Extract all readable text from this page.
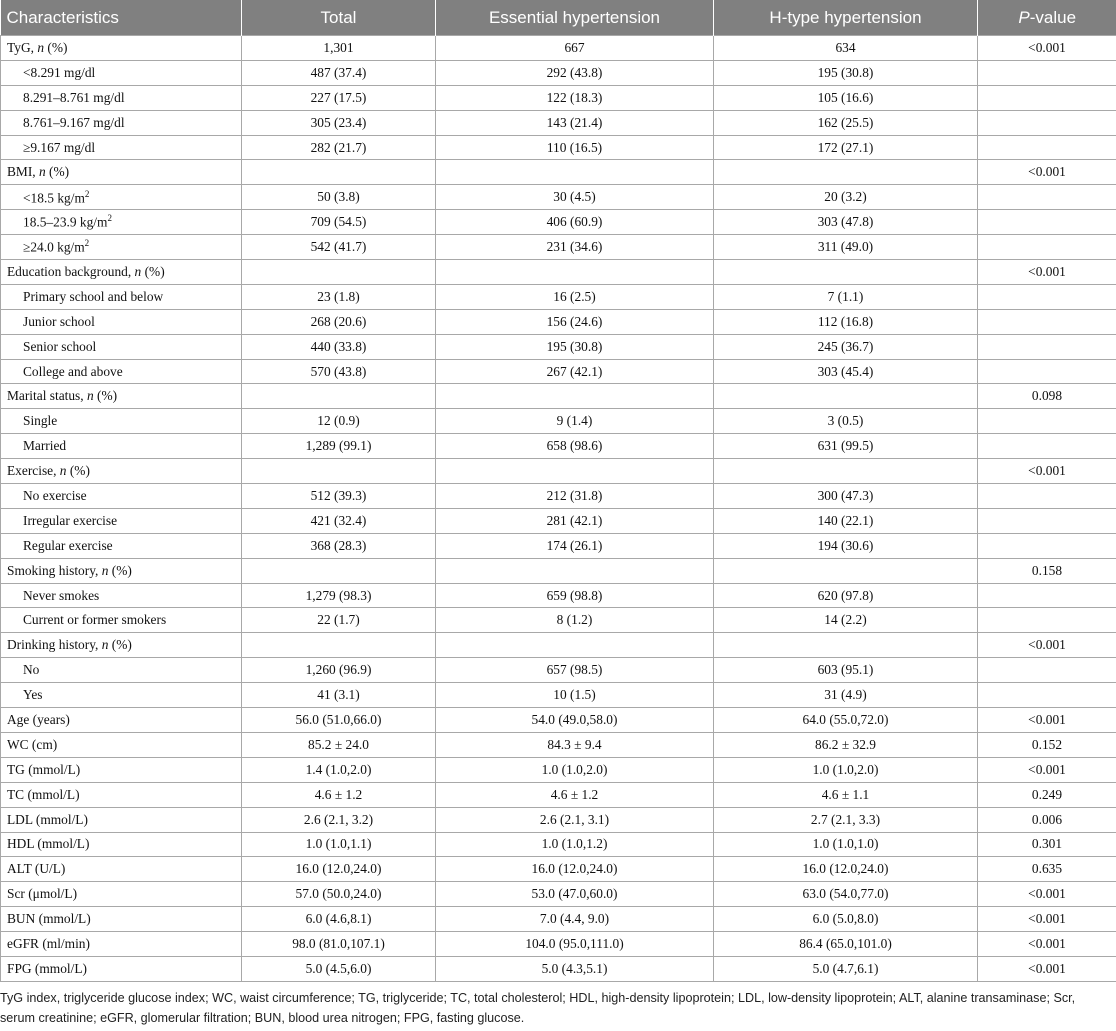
Characteristics	Total	Essential hypertension	H-type hypertension	P-value
TyG, n (%)	1,301	667	634	<0.001
<8.291 mg/dl	487 (37.4)	292 (43.8)	195 (30.8)	
8.291–8.761 mg/dl	227 (17.5)	122 (18.3)	105 (16.6)	
8.761–9.167 mg/dl	305 (23.4)	143 (21.4)	162 (25.5)	
≥9.167 mg/dl	282 (21.7)	110 (16.5)	172 (27.1)	
BMI, n (%)				<0.001
<18.5 $kg/m^2$	50 (3.8)	30 (4.5)	20 (3.2)	
18.5–23.9 $kg/m^2$	709 (54.5)	406 (60.9)	303 (47.8)	
≥24.0 $kg/m^2$	542 (41.7)	231 (34.6)	311 (49.0)	
Education background, n (%)				<0.001
Primary school and below	23 (1.8)	16 (2.5)	7 (1.1)	
Junior school	268 (20.6)	156 (24.6)	112 (16.8)	
Senior school	440 (33.8)	195 (30.8)	245 (36.7)	
College and above	570 (43.8)	267 (42.1)	303 (45.4)	
Marital status, n (%)				0.098
Single	12 (0.9)	9 (1.4)	3 (0.5)	
Married	1,289 (99.1)	658 (98.6)	631 (99.5)	
Exercise, n (%)				<0.001
No exercise	512 (39.3)	212 (31.8)	300 (47.3)	
Irregular exercise	421 (32.4)	281 (42.1)	140 (22.1)	
Regular exercise	368 (28.3)	174 (26.1)	194 (30.6)	
Smoking history, n (%)				0.158
Never smokes	1,279 (98.3)	659 (98.8)	620 (97.8)	
Current or former smokers	22 (1.7)	8 (1.2)	14 (2.2)	
Drinking history, n (%)				<0.001
No	1,260 (96.9)	657 (98.5)	603 (95.1)	
Yes	41 (3.1)	10 (1.5)	31 (4.9)	
Age (years)	56.0 (51.0,66.0)	54.0 (49.0,58.0)	64.0 (55.0,72.0)	<0.001
WC (cm)	85.2 ± 24.0	84.3 ± 9.4	86.2 ± 32.9	0.152
TG (mmol/L)	1.4 (1.0,2.0)	1.0 (1.0,2.0)	1.0 (1.0,2.0)	<0.001
TC (mmol/L)	4.6 ± 1.2	4.6 ± 1.2	4.6 ± 1.1	0.249
LDL (mmol/L)	2.6 (2.1, 3.2)	2.6 (2.1, 3.1)	2.7 (2.1, 3.3)	0.006
HDL (mmol/L)	1.0 (1.0,1.1)	1.0 (1.0,1.2)	1.0 (1.0,1.0)	0.301
ALT (U/L)	16.0 (12.0,24.0)	16.0 (12.0,24.0)	16.0 (12.0,24.0)	0.635
Scr (μmol/L)	57.0 (50.0,24.0)	53.0 (47.0,60.0)	63.0 (54.0,77.0)	<0.001
BUN (mmol/L)	6.0 (4.6,8.1)	7.0 (4.4, 9.0)	6.0 (5.0,8.0)	<0.001
eGFR (ml/min)	98.0 (81.0,107.1)	104.0 (95.0,111.0)	86.4 (65.0,101.0)	<0.001
FPG (mmol/L)	5.0 (4.5,6.0)	5.0 (4.3,5.1)	5.0 (4.7,6.1)	<0.001
TyG index, triglyceride glucose index; WC, waist circumference; TG, triglyceride; TC, total cholesterol; HDL, high-density lipoprotein; LDL, low-density lipoprotein; ALT, alanine transaminase; Scr, serum creatinine; eGFR, glomerular filtration; BUN, blood urea nitrogen; FPG, fasting glucose.
